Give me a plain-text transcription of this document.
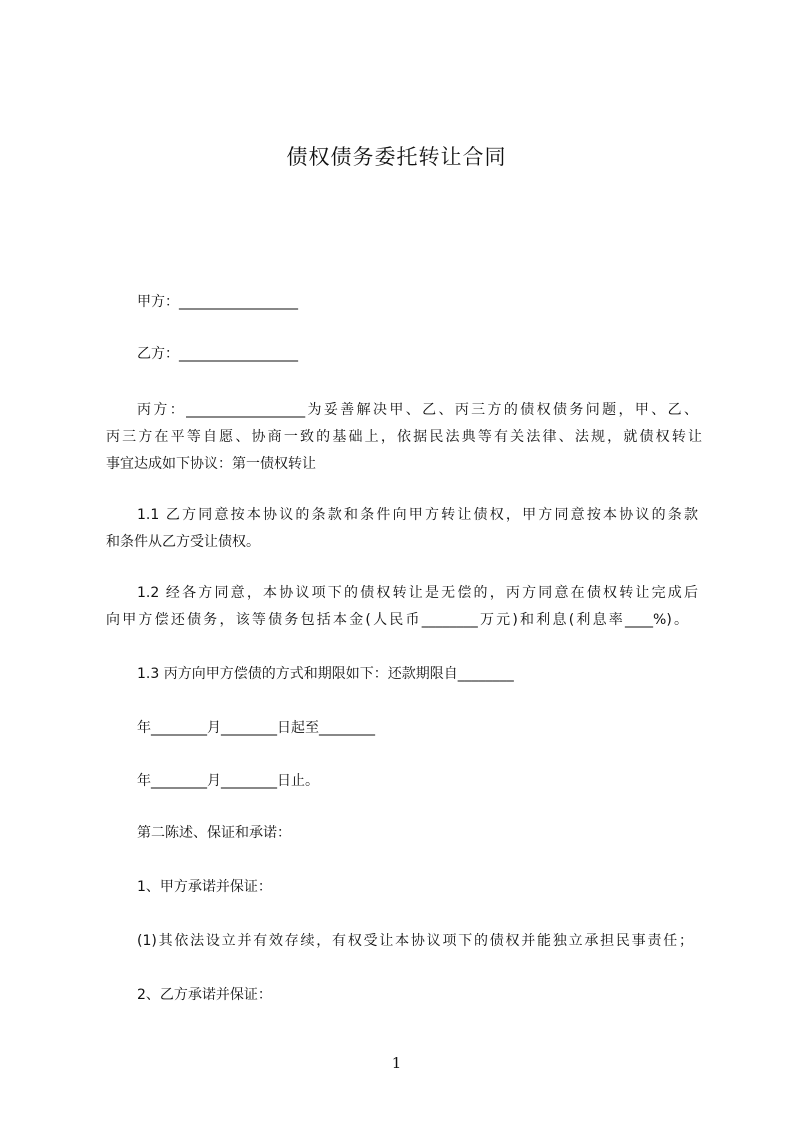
债权债务委托转让合同
甲方：_________________
乙方：_________________
丙方：_________________为妥善解决甲、乙、丙三方的债权债务问题，甲、乙、
丙三方在平等自愿、协商一致的基础上，依据民法典等有关法律、法规，就债权转让
事宜达成如下协议：第一债权转让
1.1 乙方同意按本协议的条款和条件向甲方转让债权，甲方同意按本协议的条款
和条件从乙方受让债权。
1.2 经各方同意，本协议项下的债权转让是无偿的，丙方同意在债权转让完成后
向甲方偿还债务，该等债务包括本金(人民币________万元)和利息(利息率____%)。
1.3 丙方向甲方偿债的方式和期限如下：还款期限自________
年________月________日起至________
年________月________日止。
第二陈述、保证和承诺：
1、甲方承诺并保证：
(1)其依法设立并有效存续，有权受让本协议项下的债权并能独立承担民事责任；
2、乙方承诺并保证：
1
